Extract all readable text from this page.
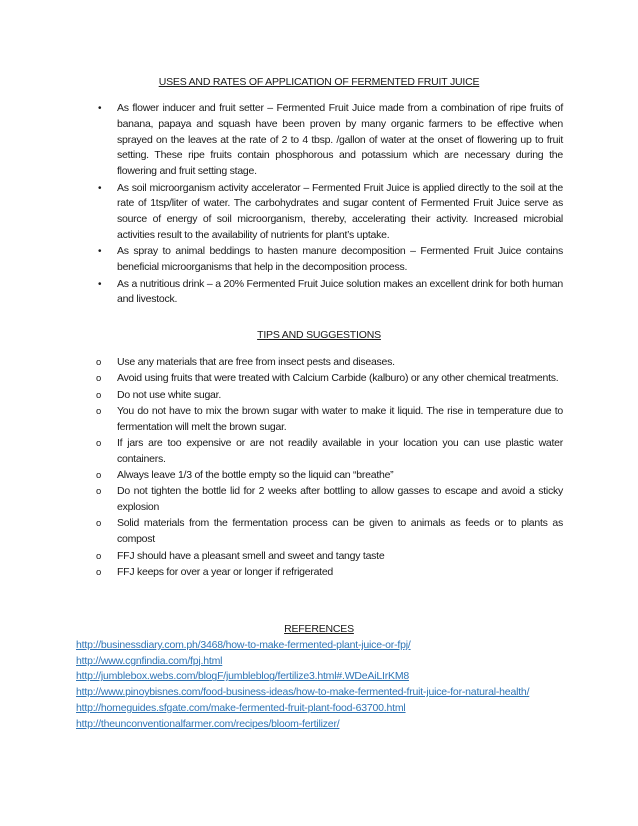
USES AND RATES OF APPLICATION OF FERMENTED FRUIT JUICE

• As flower inducer and fruit setter – Fermented Fruit Juice made from a combination of ripe fruits of banana, papaya and squash have been proven by many organic farmers to be effective when sprayed on the leaves at the rate of 2 to 4 tbsp. /gallon of water at the onset of flowering up to fruit setting. These ripe fruits contain phosphorous and potassium which are necessary during the flowering and fruit setting stage.
• As soil microorganism activity accelerator – Fermented Fruit Juice is applied directly to the soil at the rate of 1tsp/liter of water. The carbohydrates and sugar content of Fermented Fruit Juice serve as source of energy of soil microorganism, thereby, accelerating their activity. Increased microbial activities result to the availability of nutrients for plant’s uptake.
• As spray to animal beddings to hasten manure decomposition – Fermented Fruit Juice contains beneficial microorganisms that help in the decomposition process.
• As a nutritious drink – a 20% Fermented Fruit Juice solution makes an excellent drink for both human and livestock.

TIPS AND SUGGESTIONS

o Use any materials that are free from insect pests and diseases.
o Avoid using fruits that were treated with Calcium Carbide (kalburo) or any other chemical treatments.
o Do not use white sugar.
o You do not have to mix the brown sugar with water to make it liquid. The rise in temperature due to fermentation will melt the brown sugar.
o If jars are too expensive or are not readily available in your location you can use plastic water containers.
o Always leave 1/3 of the bottle empty so the liquid can “breathe”
o Do not tighten the bottle lid for 2 weeks after bottling to allow gasses to escape and avoid a sticky explosion
o Solid materials from the fermentation process can be given to animals as feeds or to plants as compost
o FFJ should have a pleasant smell and sweet and tangy taste
o FFJ keeps for over a year or longer if refrigerated

REFERENCES

http://businessdiary.com.ph/3468/how-to-make-fermented-plant-juice-or-fpj/
http://www.cgnfindia.com/fpj.html
http://jumblebox.webs.com/blogF/jumbleblog/fertilize3.html#.WDeAiLIrKM8
http://www.pinoybisnes.com/food-business-ideas/how-to-make-fermented-fruit-juice-for-natural-health/
http://homeguides.sfgate.com/make-fermented-fruit-plant-food-63700.html
http://theunconventionalfarmer.com/recipes/bloom-fertilizer/
